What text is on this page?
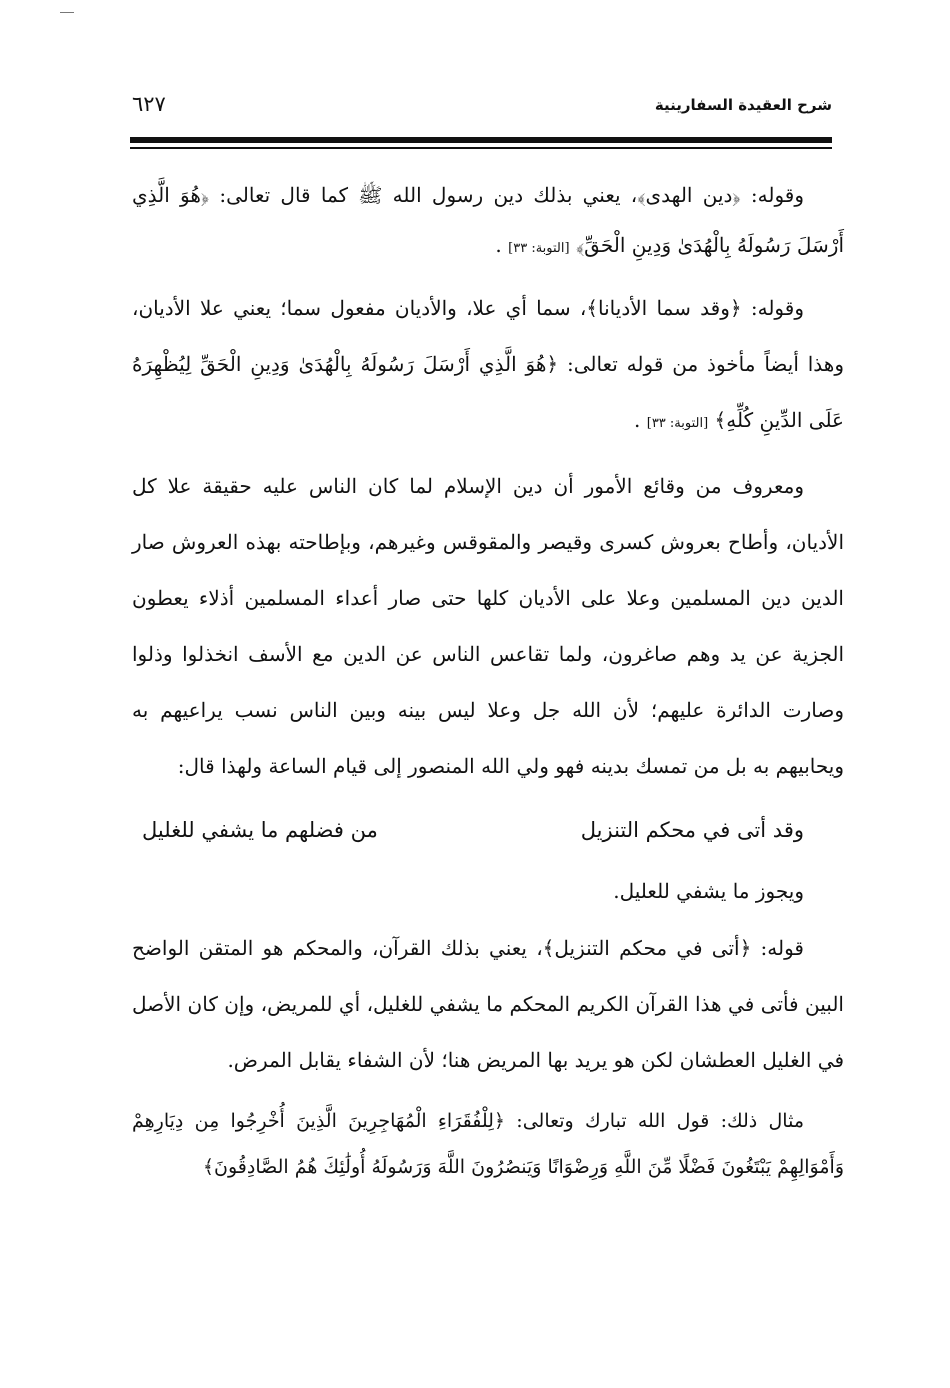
شرح العقيدة السفارينية
٦٢٧

وقوله: ﴿دين الهدى﴾، يعني بذلك دين رسول الله ﷺ كما قال تعالى: ﴿هُوَ الَّذِي أَرْسَلَ رَسُولَهُ بِالْهُدَىٰ وَدِينِ الْحَقِّ﴾ [التوبة: ٣٣] .

وقوله: ﴿وقد سما الأديانا﴾، سما أي علا، والأديان مفعول سما؛ يعني علا الأديان، وهذا أيضاً مأخوذ من قوله تعالى: ﴿هُوَ الَّذِي أَرْسَلَ رَسُولَهُ بِالْهُدَىٰ وَدِينِ الْحَقِّ لِيُظْهِرَهُ عَلَى الدِّينِ كُلِّهِ﴾ [التوبة: ٣٣] .

ومعروف من وقائع الأمور أن دين الإسلام لما كان الناس عليه حقيقة علا كل الأديان، وأطاح بعروش كسرى وقيصر والمقوقس وغيرهم، وبإطاحته بهذه العروش صار الدين دين المسلمين وعلا على الأديان كلها حتى صار أعداء المسلمين أذلاء يعطون الجزية عن يد وهم صاغرون، ولما تقاعس الناس عن الدين مع الأسف انخذلوا وذلوا وصارت الدائرة عليهم؛ لأن الله جل وعلا ليس بينه وبين الناس نسب يراعيهم به ويحابيهم به بل من تمسك بدينه فهو ولي الله المنصور إلى قيام الساعة ولهذا قال:

وقد أتى في محكم التنزيل
من فضلهم ما يشفي للغليل

ويجوز ما يشفي للعليل.

قوله: ﴿أتى في محكم التنزيل﴾، يعني بذلك القرآن، والمحكم هو المتقن الواضح البين فأتى في هذا القرآن الكريم المحكم ما يشفي للغليل، أي للمريض، وإن كان الأصل في الغليل العطشان لكن هو يريد بها المريض هنا؛ لأن الشفاء يقابل المرض.

مثال ذلك: قول الله تبارك وتعالى: ﴿لِلْفُقَرَاءِ الْمُهَاجِرِينَ الَّذِينَ أُخْرِجُوا مِن دِيَارِهِمْ وَأَمْوَالِهِمْ يَبْتَغُونَ فَضْلًا مِّنَ اللَّهِ وَرِضْوَانًا وَيَنصُرُونَ اللَّهَ وَرَسُولَهُ أُولَٰئِكَ هُمُ الصَّادِقُونَ﴾
